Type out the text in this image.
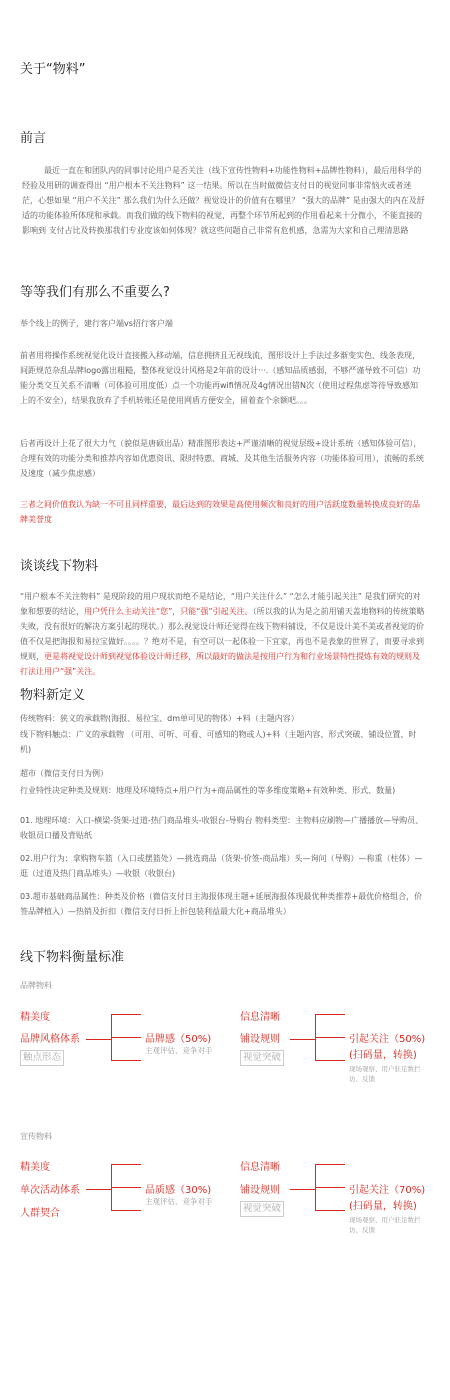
关于“物料”
前言
最近一直在和团队内的同事讨论用户是否关注（线下宣传性物料+功能性物料+品牌性物料），最后用科学的经验及用研的调查得出 “用户根本不关注物料” 这一结果。所以在当时做微信支付日的视觉同事非常恼火或者迷茫，心想如果 “用户不关注” 那么我们为什么还做？视觉设计的价值有在哪里？ “强大的品牌” 是由强大的内在及舒适的功能体验所体现和承载。而我们做的线下物料的视觉，再整个环节所起到的作用看起来十分微小，不能直接的影响到 支付占比及转换那我们专业度该如何体现？就这些问题自己非常有危机感，急需为大家和自己理清思路
等等我们有那么不重要么?
举个线上的例子，建行客户端vs招行客户端
前者用将操作系统视觉化设计直接搬入移动端，信息拥挤且无视线流，图形设计上手法过多渐变实色、线条表现，间距规范杂乱品牌logo露出粗糙，整体视觉设计风格是2年前的设计···.（感知品质感弱，不够严谨导致不可信）功能分类交互关系不清晰（可体验可用度低）点一个功能再wifi情况及4g情况出错N次（使用过程焦虑等待导致感知上的不安全），结果我放弃了手机转账还是使用网盾方便安全，留着查个余额吧。。。
后者再设计上花了很大力气（貌似是唐硕出品）精准图形表达+严谨清晰的视觉层级+设计系统（感知体验可信），合理有效的功能分类和推荐内容如优惠资讯、限时特惠、商城、及其他生活服务内容（功能体验可用），流畅的系统及速度（减少焦虑感）
三者之间价值我认为缺一不可且同样重要，最后达到的效果是高使用频次和良好的用户活跃度数量转换成良好的品牌美誉度
谈谈线下物料
“用户根本不关注物料” 是现阶段的用户现状而绝不是结论，“用户关注什么” “怎么才能引起关注” 是我们研究的对象和想要的结论，用户凭什么主动关注“您”，只能“强”引起关注。（所以我的认为是之前用铺天盖地物料的传统策略失败，没有很好的解决方案引起的现状。）那么视觉设计师还觉得在线下物料铺设，不仅是设计美不美或者视觉的价值不仅是把海报和易拉宝做好。。。。？绝对不是，有空可以一起体验一下宜家，再也不是表象的世界了，而要寻求到规则，更是将视觉设计师到视觉体验设计师迁移，所以最好的做法是按用户行为和行业场景特性提炼有效的规则及打法让用户“强”关注。
物料新定义
传统物料：狭义的承载物(海报、易拉宝、dm单可见的物体）+料（主题内容）
线下物料触点：广义的承载物 （可用、可听、可看、可感知的物或人)+料（主题内容、形式突破、铺设位置、时机)
超市（微信支付日为例）
行业特性决定种类及规则：地理及环境特点+用户行为+商品属性的等多维度策略+有效种类、形式、数量)
01. 地理环境：入口-横梁-货架-过道-热门商品堆头-收银台-导购台 物料类型：主物料应刷物—广播播放—导购员、收银员口播及背贴纸
02.用户行为：拿购物车篮（入口或摆篮处）—挑选商品（货架-价签-商品堆）头—询问（导购）—称重（柱体）—逛（过道及热门商品堆头）—收银（收银台)
03.超市基础商品属性：种类及价格（微信支付日主海报体现主题+延展海报体现最优种类推荐+最优价格组合，价签品牌植入）—热销及折扣（微信支付日折上折包装利益最大化+商品堆头）
线下物料衡量标准
品牌物料
精美度
品牌风格体系
触点形态
品牌感（50%)
主观评估、竞争对手
信息清晰
铺设规则
视觉突破
引起关注（50%)
(扫码量，转换)
现场观察、用户驻足数拦访、反馈
宣传物料
精美度
单次活动体系
人群契合
品质感（30%)
主观评估、竞争对手
信息清晰
铺设规则
视觉突破
引起关注（70%)
(扫码量，转换)
现场观察、用户驻足数拦访、反馈
